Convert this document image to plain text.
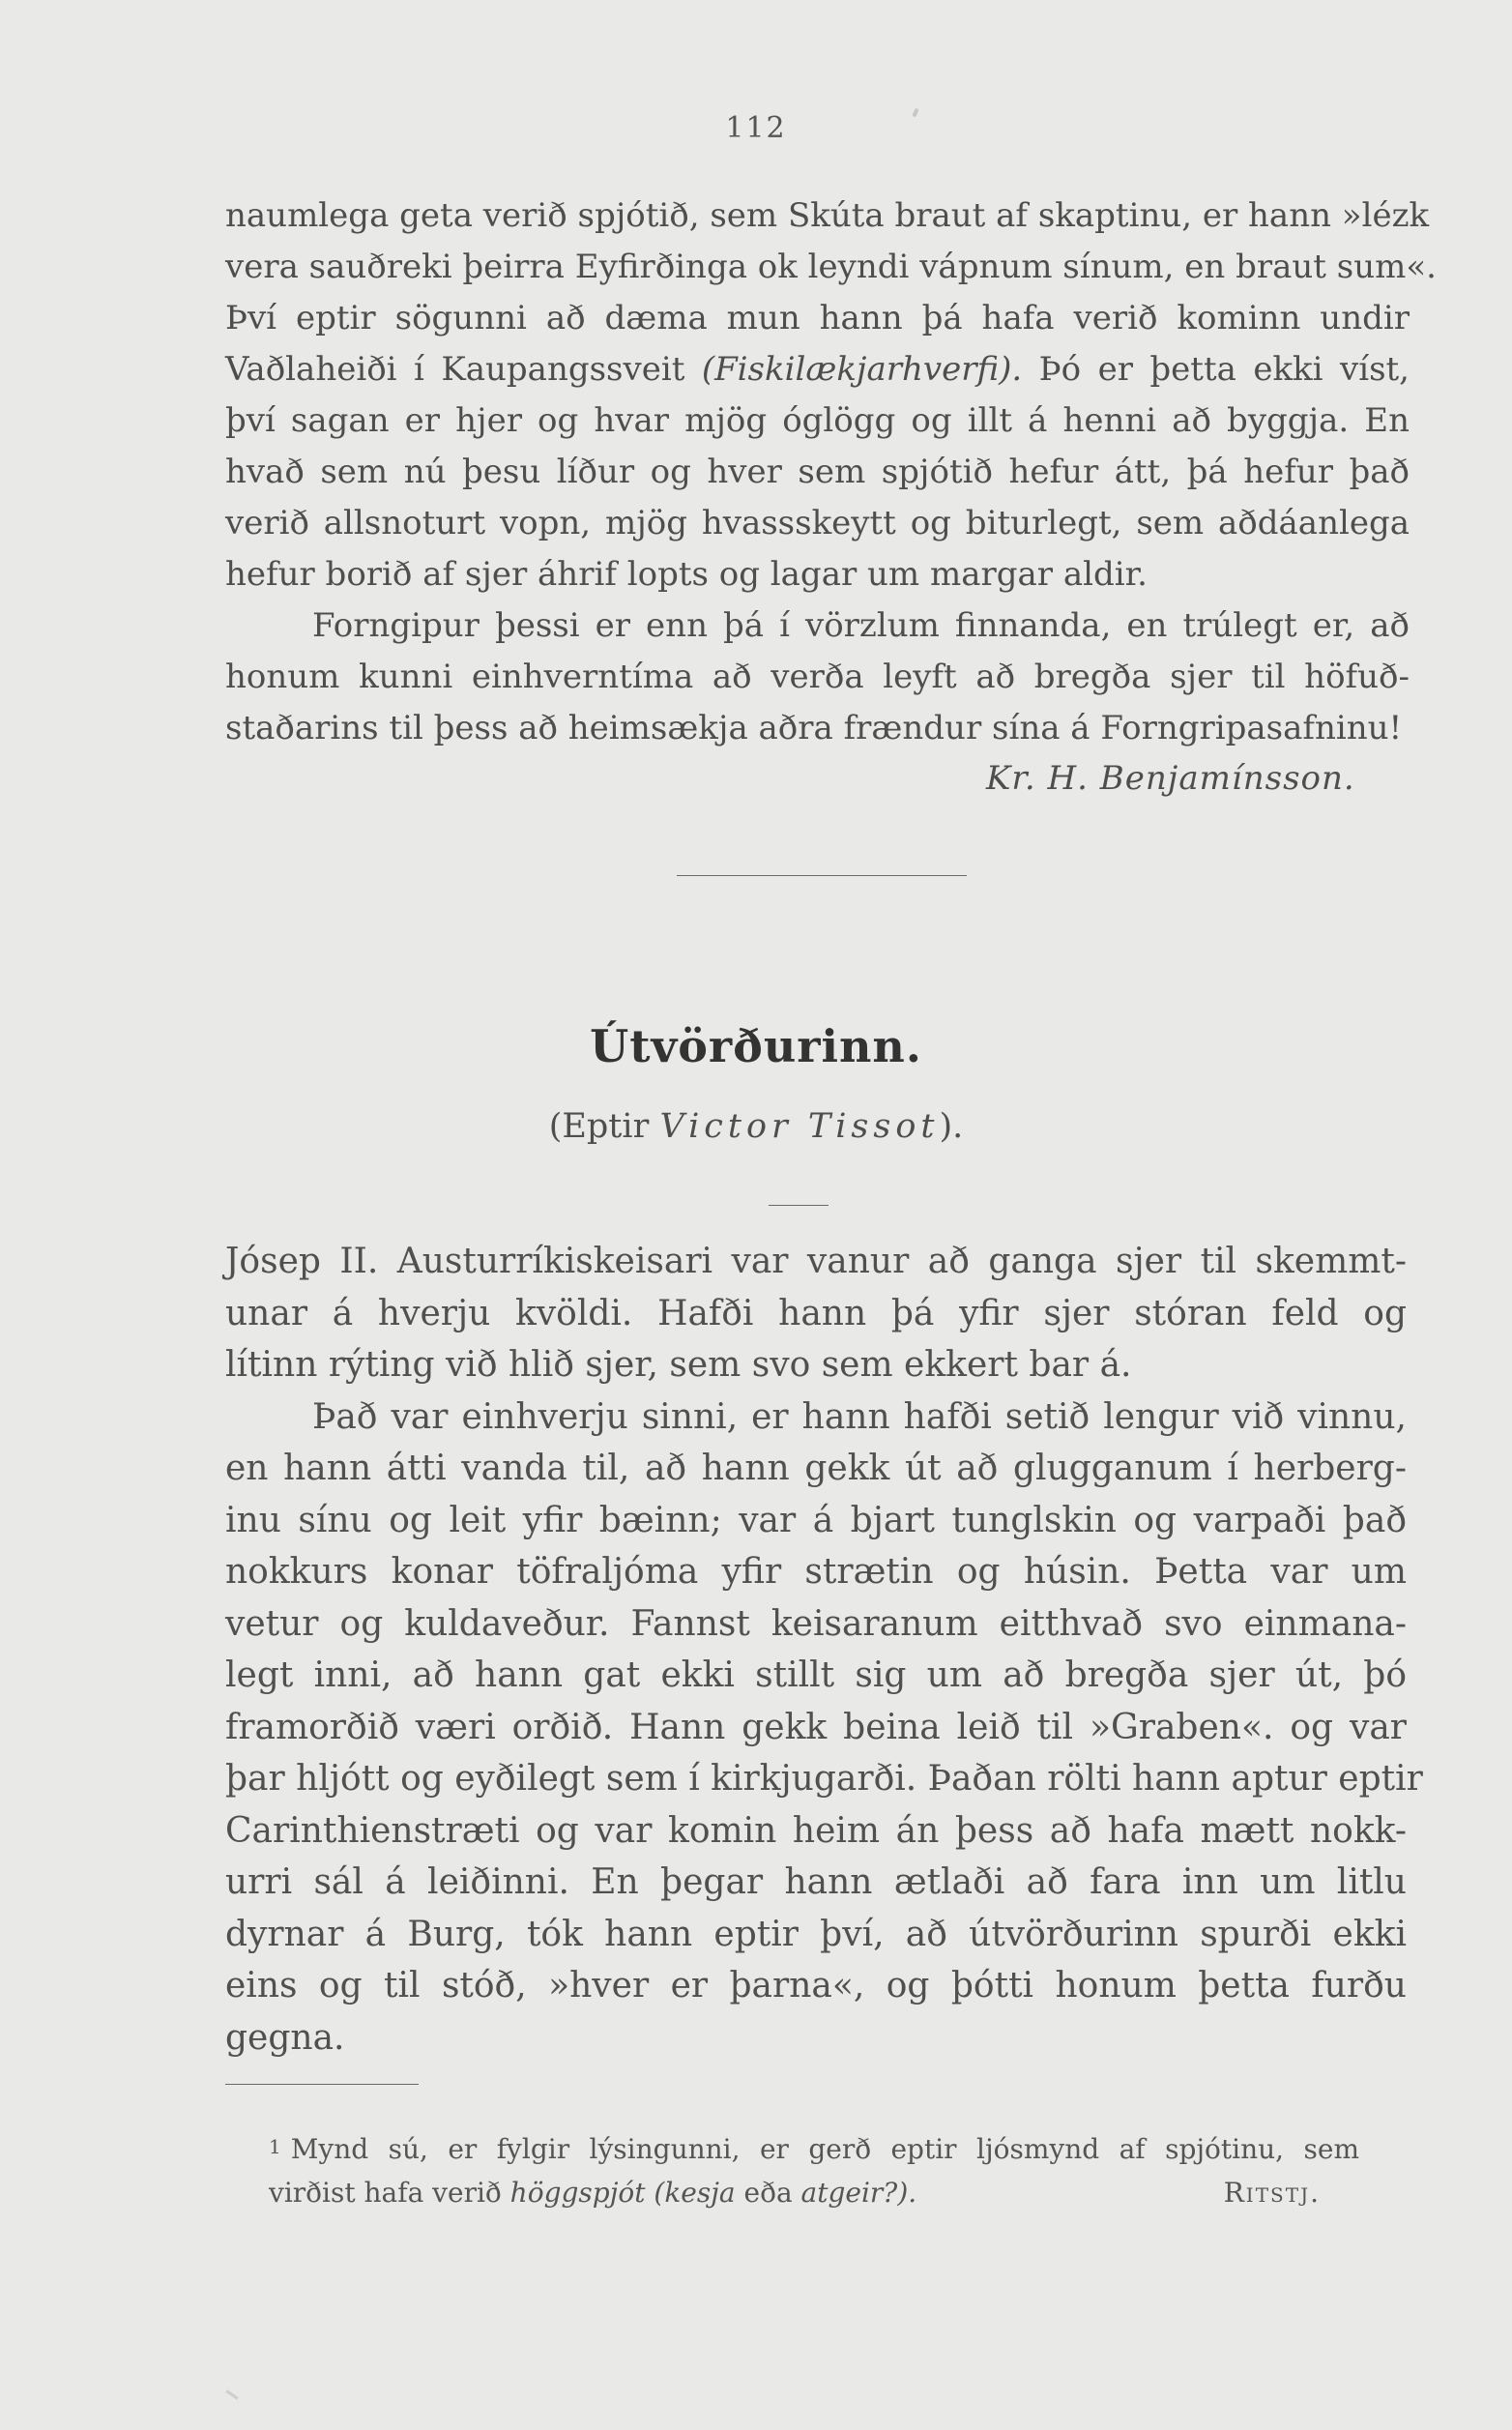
112

naumlega geta verið spjótið, sem Skúta braut af skaptinu, er hann »lézk

vera sauðreki þeirra Eyfirðinga ok leyndi vápnum sínum, en braut sum«.

Því eptir sögunni að dæma mun hann þá hafa verið kominn undir

Vaðlaheiði í Kaupangssveit (Fiskilækjarhverfi). Þó er þetta ekki víst,

því sagan er hjer og hvar mjög óglögg og illt á henni að byggja. En

hvað sem nú þesu líður og hver sem spjótið hefur átt, þá hefur það

verið allsnoturt vopn, mjög hvassskeytt og biturlegt, sem aðdáanlega

hefur borið af sjer áhrif lopts og lagar um margar aldir.

Forngipur þessi er enn þá í vörzlum finnanda, en trúlegt er, að

honum kunni einhverntíma að verða leyft að bregða sjer til höfuð-

staðarins til þess að heimsækja aðra frændur sína á Forngripasafninu!

Kr. H. Benjamínsson.
Útvörðurinn.
(Eptir Victor Tissot).

Jósep II. Austurríkiskeisari var vanur að ganga sjer til skemmt-

unar á hverju kvöldi. Hafði hann þá yfir sjer stóran feld og

lítinn rýting við hlið sjer, sem svo sem ekkert bar á.

Það var einhverju sinni, er hann hafði setið lengur við vinnu,

en hann átti vanda til, að hann gekk út að glugganum í herberg-

inu sínu og leit yfir bæinn; var á bjart tunglskin og varpaði það

nokkurs konar töfraljóma yfir strætin og húsin. Þetta var um

vetur og kuldaveður. Fannst keisaranum eitthvað svo einmana-

legt inni, að hann gat ekki stillt sig um að bregða sjer út, þó

framorðið væri orðið. Hann gekk beina leið til »Graben«. og var

þar hljótt og eyðilegt sem í kirkjugarði. Þaðan rölti hann aptur eptir

Carinthienstræti og var komin heim án þess að hafa mætt nokk-

urri sál á leiðinni. En þegar hann ætlaði að fara inn um litlu

dyrnar á Burg, tók hann eptir því, að útvörðurinn spurði ekki

eins og til stóð, »hver er þarna«, og þótti honum þetta furðu

gegna.

$^1$ Mynd sú, er fylgir lýsingunni, er gerð eptir ljósmynd af spjótinu, sem

virðist hafa verið höggspjót (kesja eða atgeir?).	Ritstj.
